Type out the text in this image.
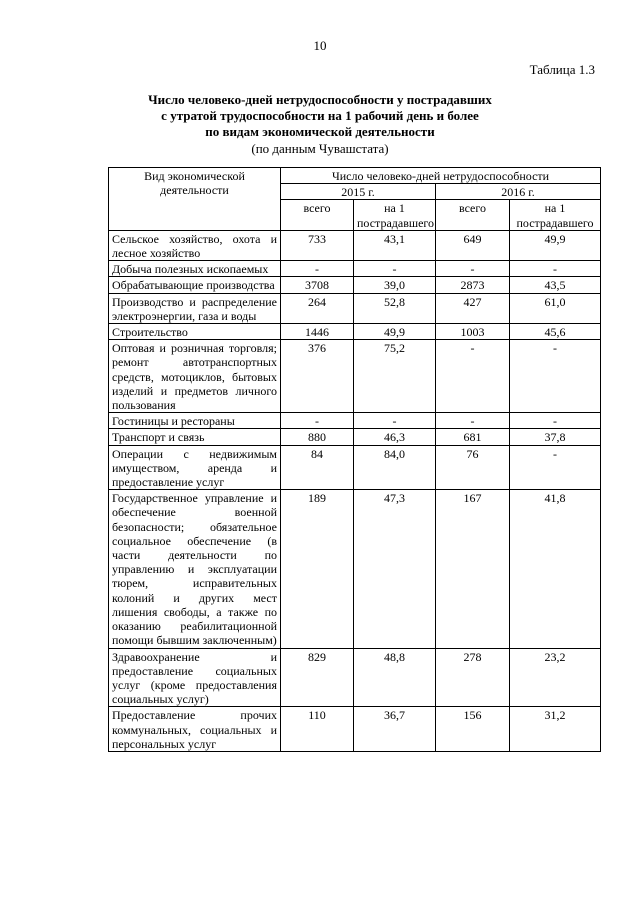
10
Таблица 1.3
Число человеко-дней нетрудоспособности у пострадавших
с утратой трудоспособности на 1 рабочий день и более
по видам экономической деятельности
(по данным Чувашстата)
Вид экономической деятельности	Число человеко-дней нетрудоспособности			
	2015 г.		2016 г.	
	всего	на 1 пострадавшего	всего	на 1 пострадавшего
Сельское хозяйство, охота и лесное хозяйство	733	43,1	649	49,9
Добыча полезных ископаемых	-	-	-	-
Обрабатывающие производства	3708	39,0	2873	43,5
Производство и распределение электроэнергии, газа и воды	264	52,8	427	61,0
Строительство	1446	49,9	1003	45,6
Оптовая и розничная торговля; ремонт автотранспортных средств, мотоциклов, бытовых изделий и предметов личного пользования	376	75,2	-	-
Гостиницы и рестораны	-	-	-	-
Транспорт и связь	880	46,3	681	37,8
Операции с недвижимым имуществом, аренда и предоставление услуг	84	84,0	76	-
Государственное управление и обеспечение военной безопасности; обязательное социальное обеспечение (в части деятельности по управлению и эксплуатации тюрем, исправительных колоний и других мест лишения свободы, а также по оказанию реабилитационной помощи бывшим заключенным)	189	47,3	167	41,8
Здравоохранение и предоставление социальных услуг (кроме предоставления социальных услуг)	829	48,8	278	23,2
Предоставление прочих коммунальных, социальных и персональных услуг	110	36,7	156	31,2
